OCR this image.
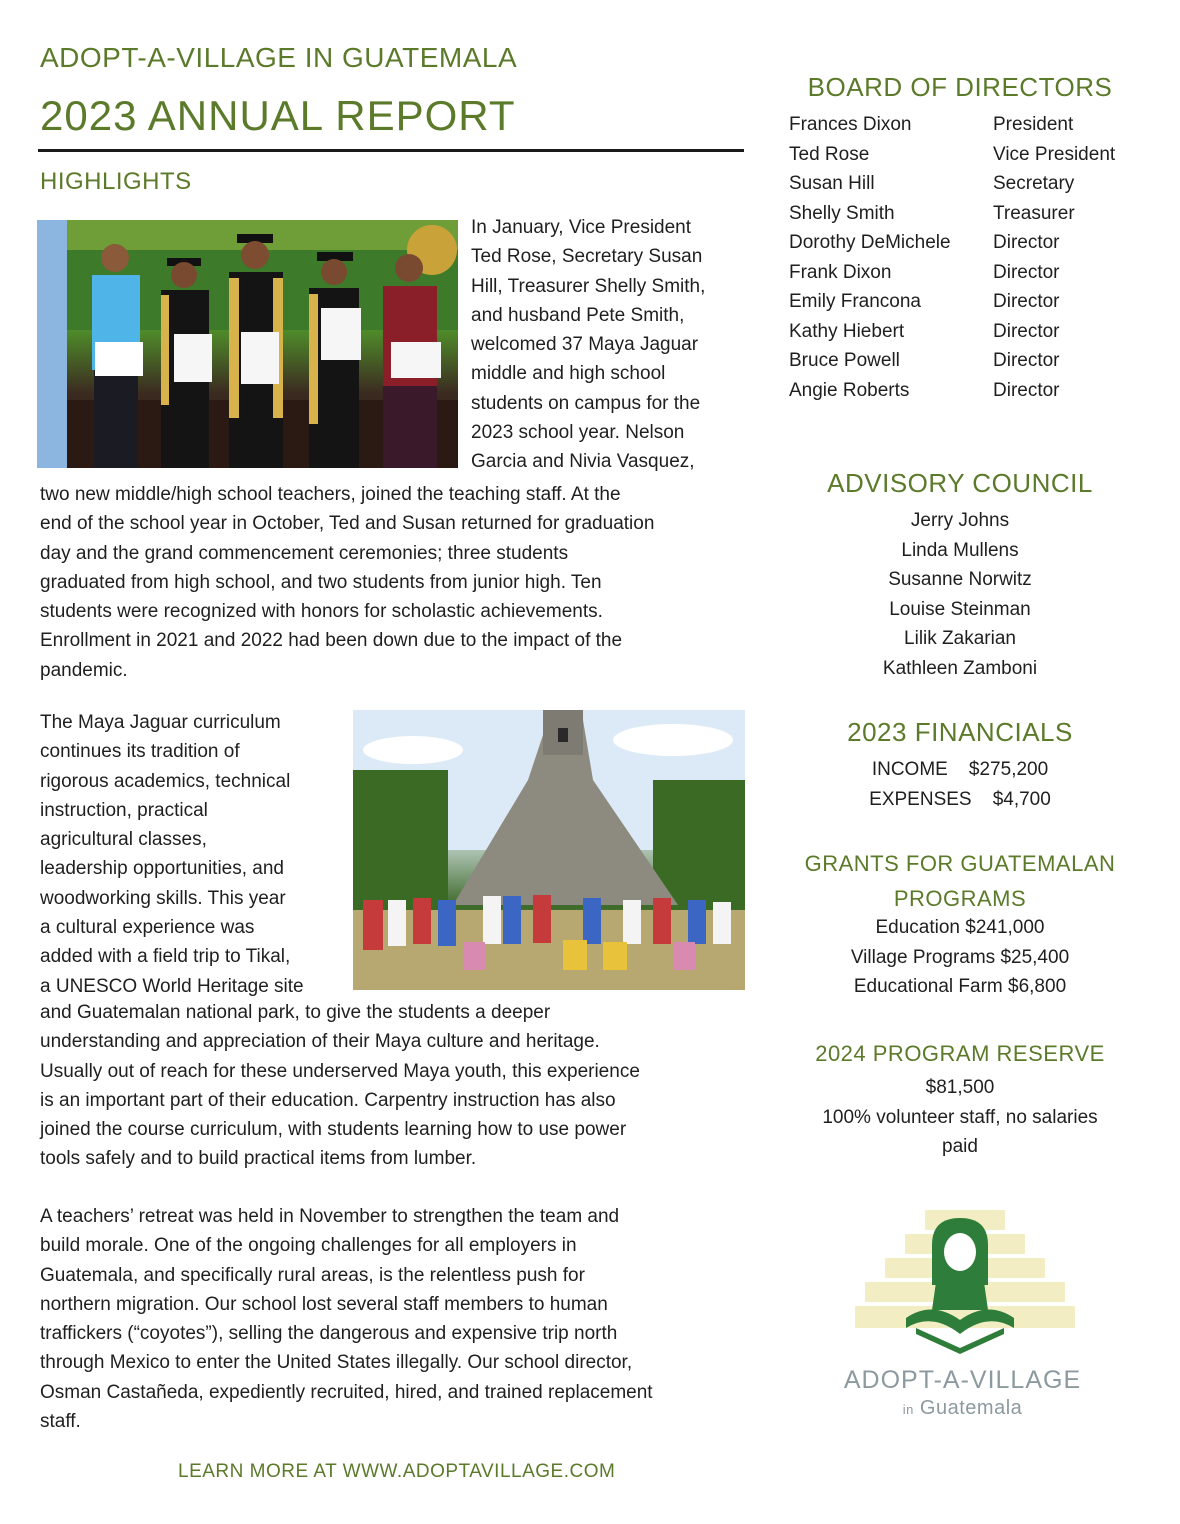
ADOPT-A-VILLAGE IN GUATEMALA
2023 ANNUAL REPORT
HIGHLIGHTS
In January, Vice President
Ted Rose, Secretary Susan
Hill, Treasurer Shelly Smith,
and husband Pete Smith,
welcomed 37 Maya Jaguar
middle and high school
students on campus for the
2023 school year. Nelson
Garcia and Nivia Vasquez,
two new middle/high school teachers, joined the teaching staff. At the
end of the school year in October, Ted and Susan returned for graduation
day and the grand commencement ceremonies; three students
graduated from high school, and two students from junior high. Ten
students were recognized with honors for scholastic achievements.
Enrollment in 2021 and 2022 had been down due to the impact of the
pandemic.
The Maya Jaguar curriculum
continues its tradition of
rigorous academics, technical
instruction, practical
agricultural classes,
leadership opportunities, and
woodworking skills. This year
a cultural experience was
added with a field trip to Tikal,
a UNESCO World Heritage site
and Guatemalan national park, to give the students a deeper
understanding and appreciation of their Maya culture and heritage.
Usually out of reach for these underserved Maya youth, this experience
is an important part of their education. Carpentry instruction has also
joined the course curriculum, with students learning how to use power
tools safely and to build practical items from lumber.
A teachers’ retreat was held in November to strengthen the team and
build morale. One of the ongoing challenges for all employers in
Guatemala, and specifically rural areas, is the relentless push for
northern migration. Our school lost several staff members to human
traffickers (“coyotes”), selling the dangerous and expensive trip north
through Mexico to enter the United States illegally. Our school director,
Osman Castañeda, expediently recruited, hired, and trained replacement
staff.
LEARN MORE AT WWW.ADOPTAVILLAGE.COM
BOARD OF DIRECTORS
Frances Dixon	President
Ted Rose	Vice President
Susan Hill	Secretary
Shelly Smith	Treasurer
Dorothy DeMichele	Director
Frank Dixon	Director
Emily Francona	Director
Kathy Hiebert	Director
Bruce Powell	Director
Angie Roberts	Director
ADVISORY COUNCIL
Jerry Johns
Linda Mullens
Susanne Norwitz
Louise Steinman
Lilik Zakarian
Kathleen Zamboni
2023 FINANCIALS
INCOME    $275,200
EXPENSES    $4,700
GRANTS FOR GUATEMALAN
PROGRAMS
Education $241,000
Village Programs $25,400
Educational Farm $6,800
2024 PROGRAM RESERVE
$81,500
100% volunteer staff, no salaries
paid
ADOPT-A-VILLAGE
in Guatemala
